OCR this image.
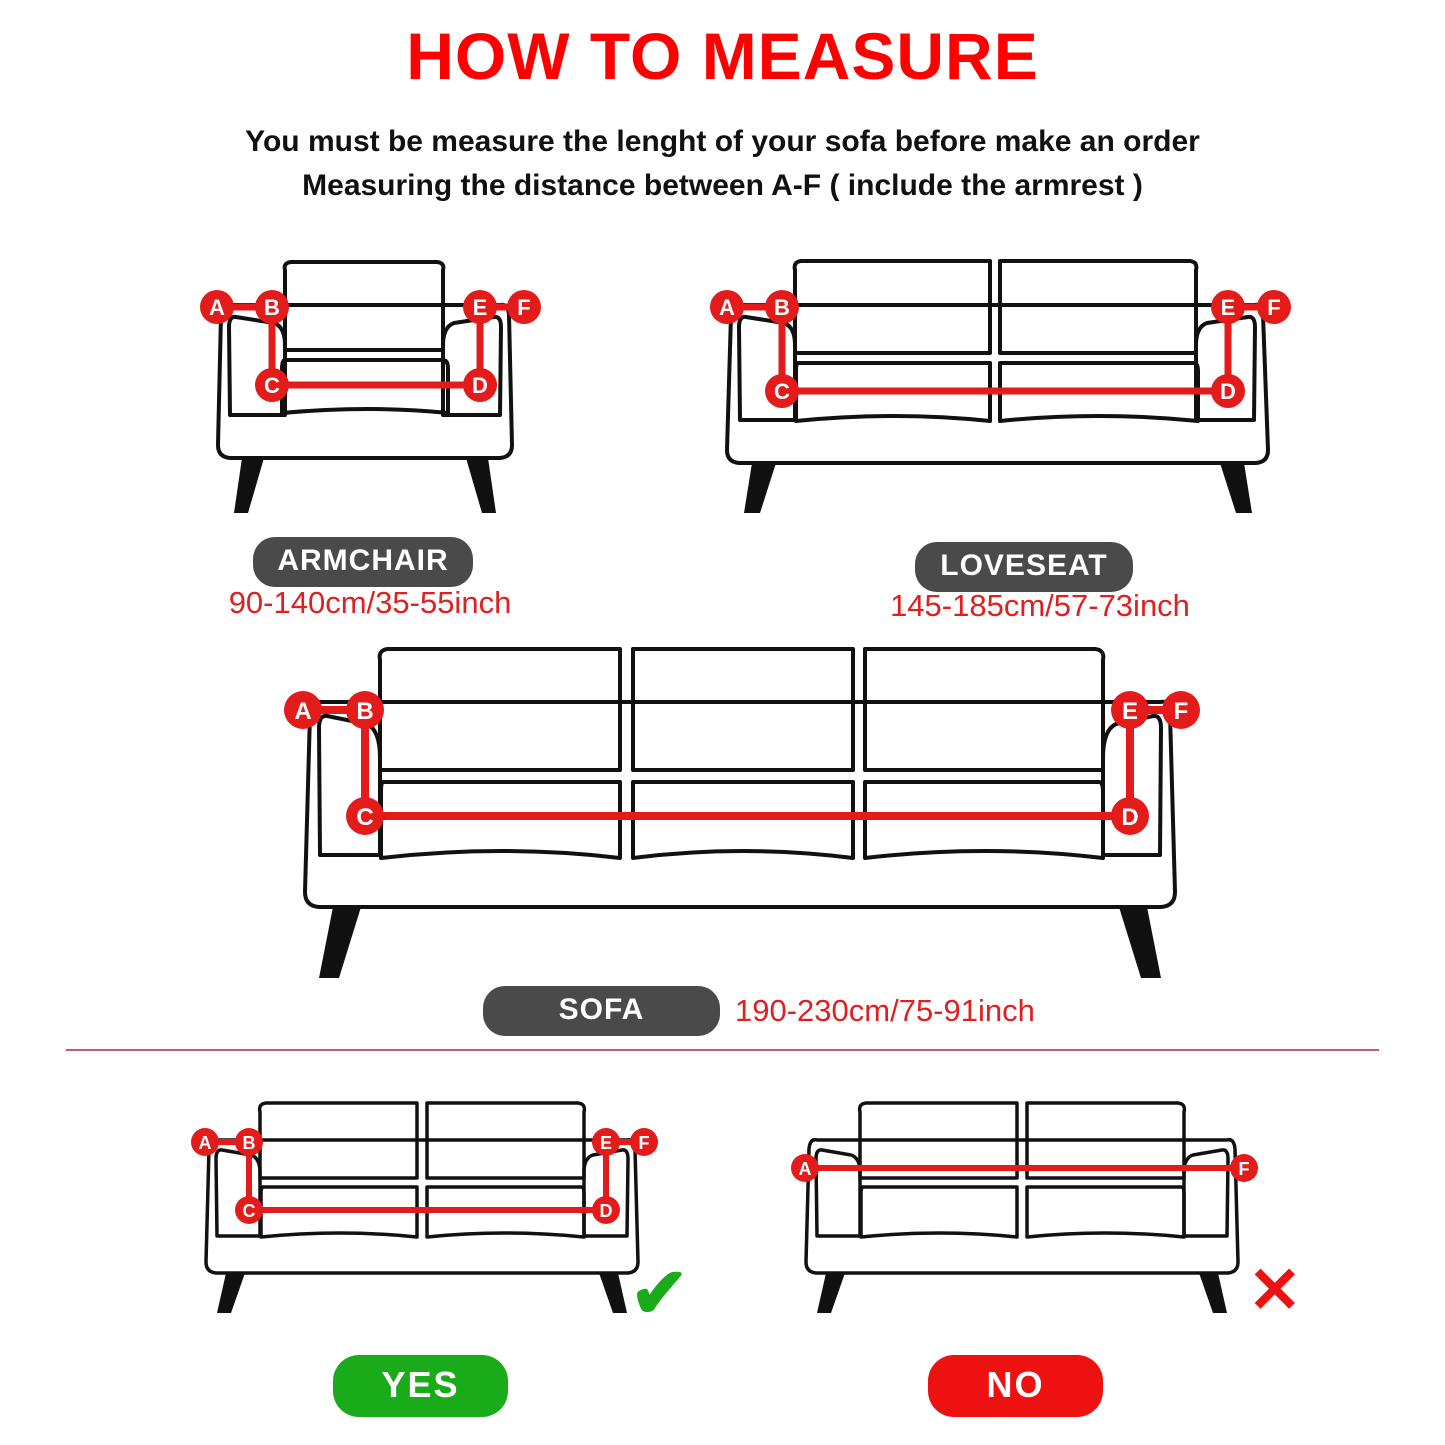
HOW TO MEASURE
You must be measure the lenght of your sofa before make an order
Measuring the distance between A-F ( include the armrest )
A B
C	D
E F
ARMCHAIR
90-140cm/35-55inch
A B
C	D
E F
LOVESEAT
145-185cm/57-73inch
A B
C	D
E F
SOFA	190-230cm/75-91inch
A B
C	D
E F
✔
YES
A	F
✕
NO
